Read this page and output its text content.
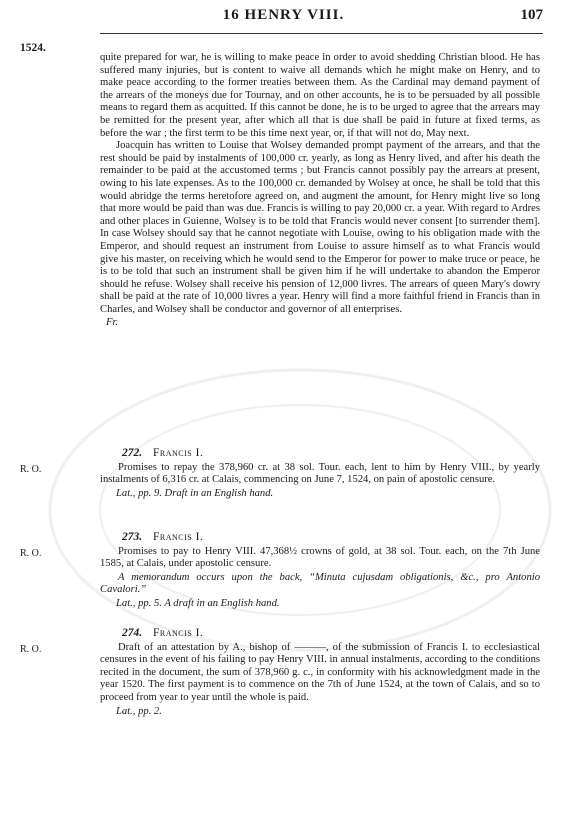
16 HENRY VIII.	107
1524.

quite prepared for war, he is willing to make peace in order to avoid shedding Christian blood. He has suffered many injuries, but is content to waive all demands which he might make on Henry, and to make peace according to the former treaties between them. As the Cardinal may demand payment of the arrears of the moneys due for Tournay, and on other accounts, he is to be persuaded by all possible means to regard them as acquitted. If this cannot be done, he is to be urged to agree that the arrears may be remitted for the present year, after which all that is due shall be paid in future at fixed terms, as before the war ; the first term to be this time next year, or, if that will not do, May next.

Joacquin has written to Louise that Wolsey demanded prompt payment of the arrears, and that the rest should be paid by instalments of 100,000 cr. yearly, as long as Henry lived, and after his death the remainder to be paid at the accustomed terms ; but Francis cannot possibly pay the arrears at present, owing to his late expenses. As to the 100,000 cr. demanded by Wolsey at once, he shall be told that this would abridge the terms heretofore agreed on, and augment the amount, for Henry might live so long that more would be paid than was due. Francis is willing to pay 20,000 cr. a year. With regard to Ardres and other places in Guienne, Wolsey is to be told that Francis would never consent [to surrender them]. In case Wolsey should say that he cannot negotiate with Louise, owing to his obligation made with the Emperor, and should request an instrument from Louise to assure himself as to what Francis would give his master, on receiving which he would send to the Emperor for power to make truce or peace, he is to be told that such an instrument shall be given him if he will undertake to abandon the Emperor should he refuse. Wolsey shall receive his pension of 12,000 livres. The arrears of queen Mary's dowry shall be paid at the rate of 10,000 livres a year. Henry will find a more faithful friend in Francis than in Charles, and Wolsey shall be conductor and governor of all enterprises.

Fr.
R. O.
272. Francis I.

Promises to repay the 378,960 cr. at 38 sol. Tour. each, lent to him by Henry VIII., by yearly instalments of 6,316 cr. at Calais, commencing on June 7, 1524, on pain of apostolic censure.

Lat., pp. 9. Draft in an English hand.
R. O.
273. Francis I.

Promises to pay to Henry VIII. 47,368½ crowns of gold, at 38 sol. Tour. each, on the 7th June 1585, at Calais, under apostolic censure.

A memorandum occurs upon the back, “Minuta cujusdam obligationis, &c., pro Antonio Cavalori.”

Lat., pp. 5. A draft in an English hand.
R. O.
274. Francis I.

Draft of an attestation by A., bishop of ———, of the submission of Francis I. to ecclesiastical censures in the event of his failing to pay Henry VIII. in annual instalments, according to the conditions recited in the document, the sum of 378,960 g. c., in conformity with his acknowledgment made in the year 1520. The first payment is to commence on the 7th of June 1524, at the town of Calais, and so to proceed from year to year until the whole is paid.

Lat., pp. 2.
